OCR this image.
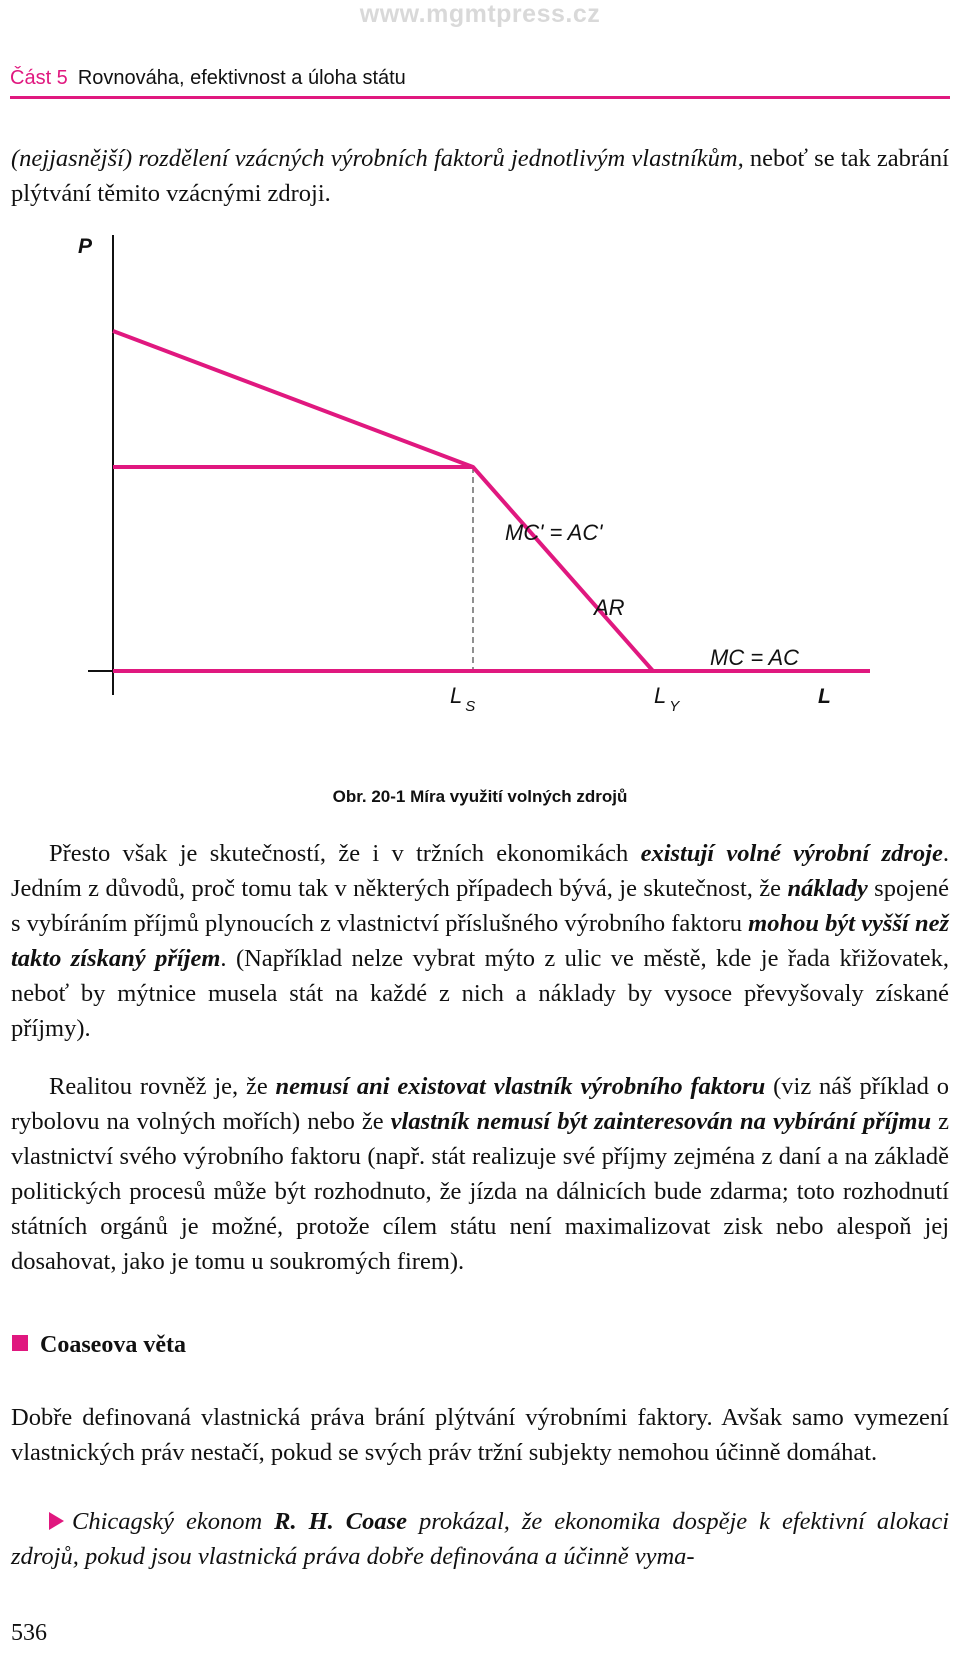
www.mgmtpress.cz
Část 5 Rovnováha, efektivnost a úloha státu
(nejjasnější) rozdělení vzácných výrobních faktorů jednotlivým vlastníkům, neboť se tak zabrání plýtvání těmito vzácnými zdroji.
P
L
MC' = AC'
AR
MC = AC
L $_S$	L $_Y$
Obr. 20-1 Míra využití volných zdrojů
Přesto však je skutečností, že i v tržních ekonomikách existují volné výrobní zdroje. Jedním z důvodů, proč tomu tak v některých případech bývá, je skutečnost, že náklady spojené s vybíráním příjmů plynoucích z vlastnictví příslušného výrobního faktoru mohou být vyšší než takto získaný příjem. (Například nelze vybrat mýto z ulic ve městě, kde je řada křižovatek, neboť by mýtnice musela stát na každé z nich a náklady by vysoce převyšovaly získané příjmy).
Realitou rovněž je, že nemusí ani existovat vlastník výrobního faktoru (viz náš příklad o rybolovu na volných mořích) nebo že vlastník nemusí být zainteresován na vybírání příjmu z vlastnictví svého výrobního faktoru (např. stát realizuje své příjmy zejména z daní a na základě politických procesů může být rozhodnuto, že jízda na dálnicích bude zdarma; toto rozhodnutí státních orgánů je možné, protože cílem státu není maximalizovat zisk nebo alespoň jej dosahovat, jako je tomu u soukromých firem).
Coaseova věta
Dobře definovaná vlastnická práva brání plýtvání výrobními faktory. Avšak samo vymezení vlastnických práv nestačí, pokud se svých práv tržní subjekty nemohou účinně domáhat.
Chicagský ekonom R. H. Coase prokázal, že ekonomika dospěje k efektivní alokaci zdrojů, pokud jsou vlastnická práva dobře definována a účinně vyma-
536
